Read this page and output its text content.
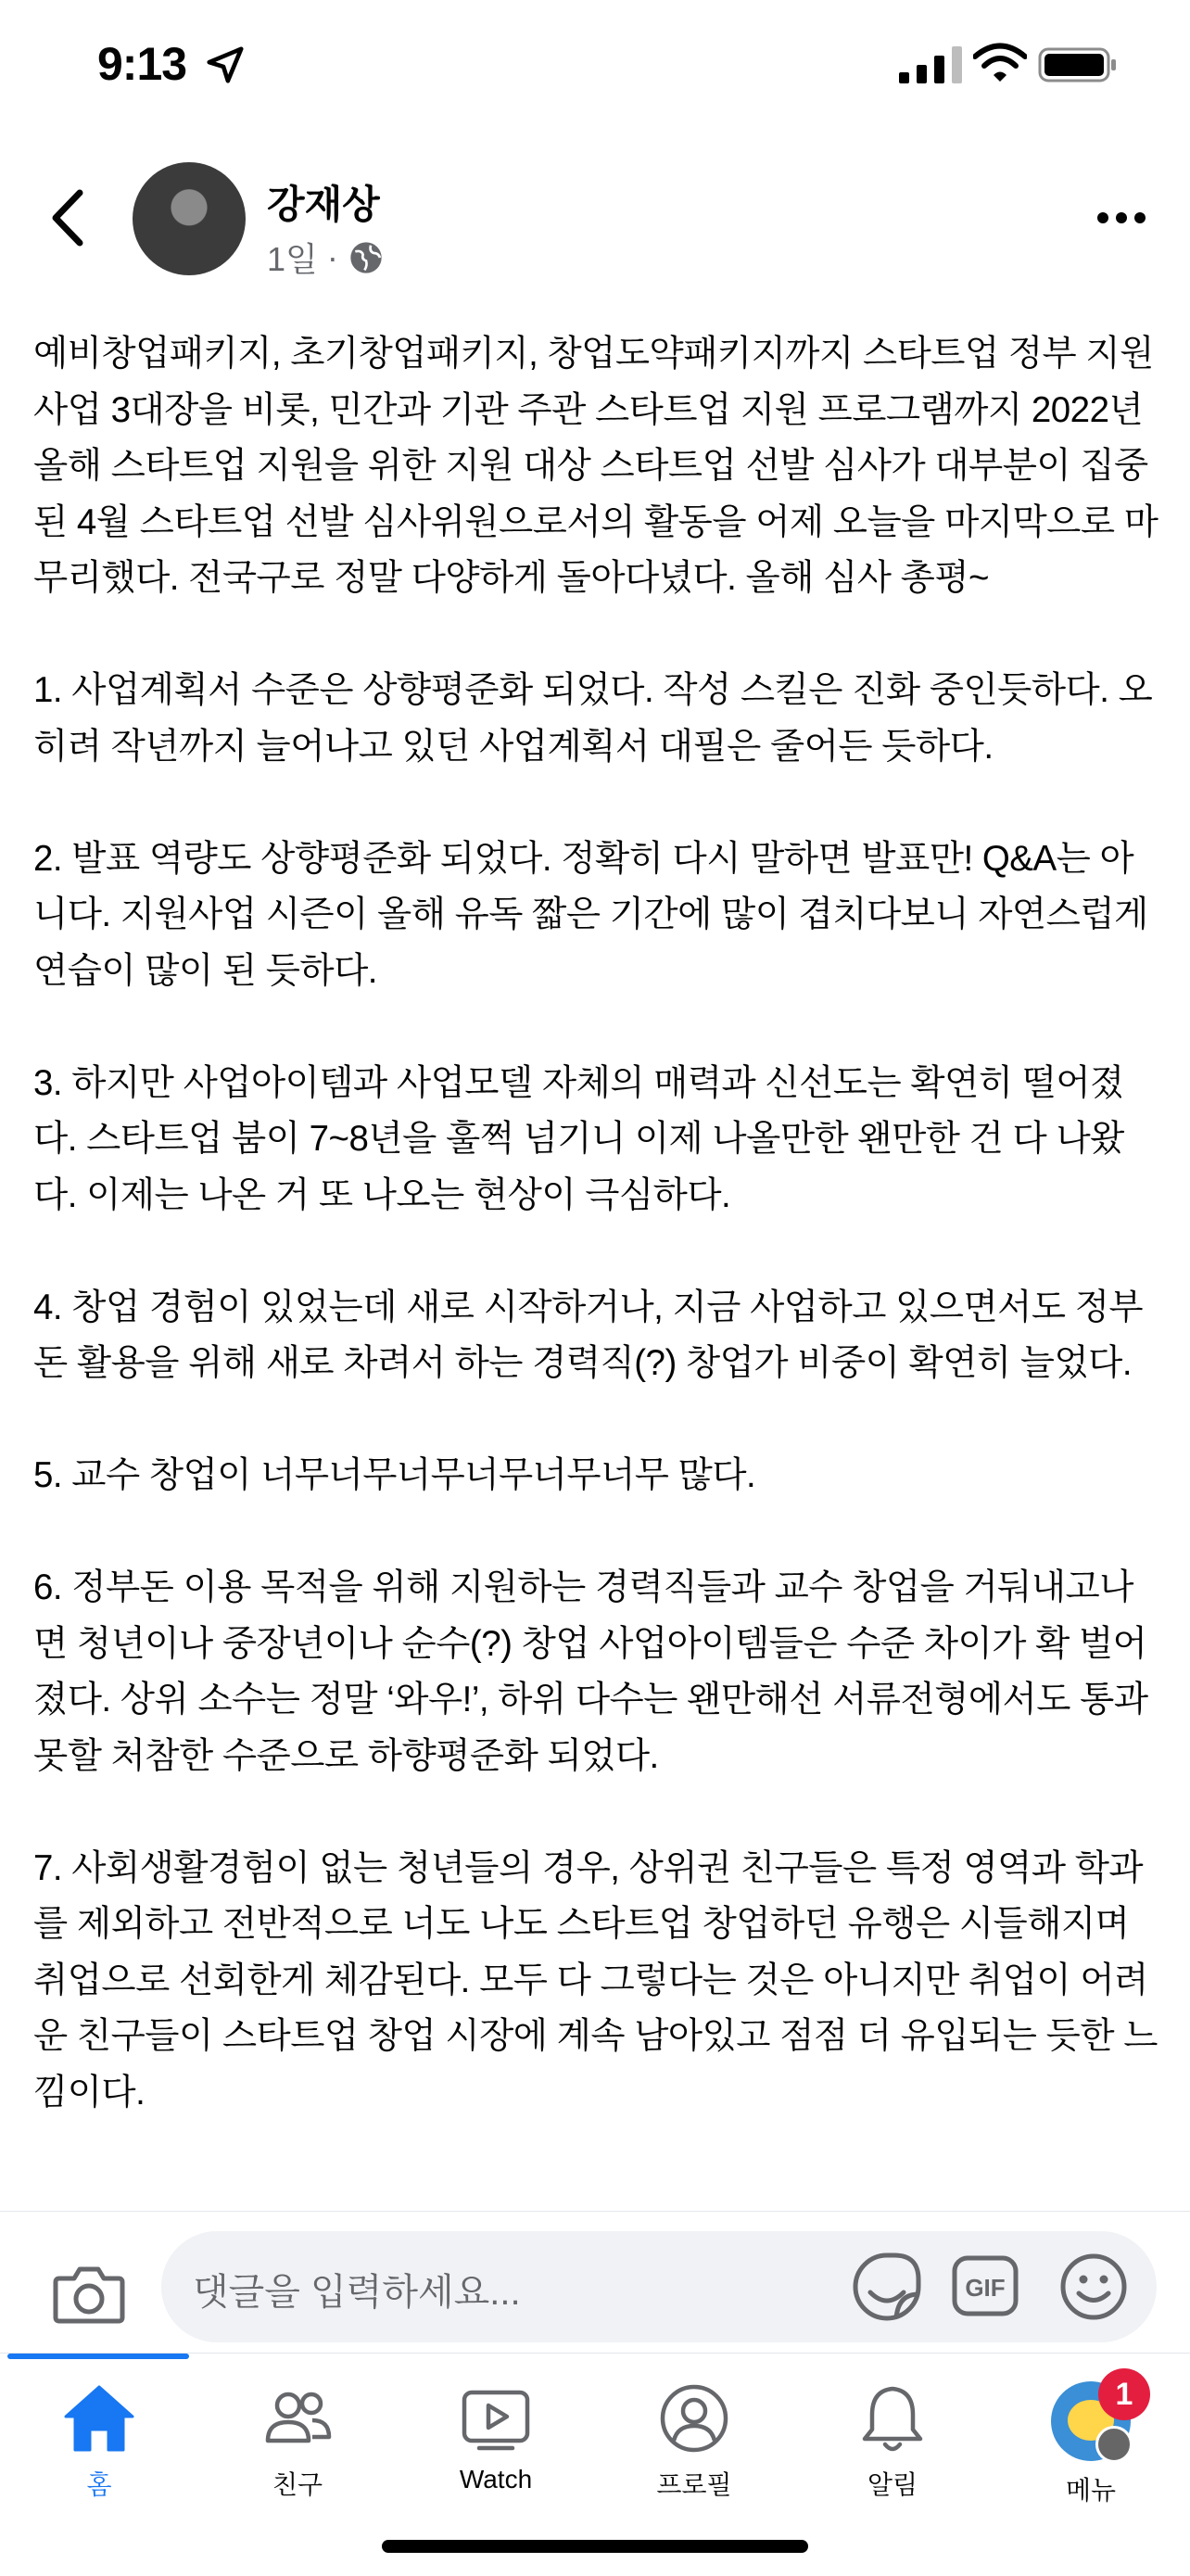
9:13
강재상
1일 ·
예비창업패키지, 초기창업패키지, 창업도약패키지까지 스타트업 정부 지원사업 3대장을 비롯, 민간과 기관 주관 스타트업 지원 프로그램까지 2022년 올해 스타트업 지원을 위한 지원 대상 스타트업 선발 심사가 대부분이 집중된 4월 스타트업 선발 심사위원으로서의 활동을 어제 오늘을 마지막으로 마무리했다. 전국구로 정말 다양하게 돌아다녔다. 올해 심사 총평~

1. 사업계획서 수준은 상향평준화 되었다. 작성 스킬은 진화 중인듯하다. 오히려 작년까지 늘어나고 있던 사업계획서 대필은 줄어든 듯하다.

2. 발표 역량도 상향평준화 되었다. 정확히 다시 말하면 발표만! Q&A는 아니다. 지원사업 시즌이 올해 유독 짧은 기간에 많이 겹치다보니 자연스럽게 연습이 많이 된 듯하다.

3. 하지만 사업아이템과 사업모델 자체의 매력과 신선도는 확연히 떨어졌다. 스타트업 붐이 7~8년을 훌쩍 넘기니 이제 나올만한 왠만한 건 다 나왔다. 이제는 나온 거 또 나오는 현상이 극심하다.

4. 창업 경험이 있었는데 새로 시작하거나, 지금 사업하고 있으면서도 정부돈 활용을 위해 새로 차려서 하는 경력직(?) 창업가 비중이 확연히 늘었다.

5. 교수 창업이 너무너무너무너무너무너무 많다.

6. 정부돈 이용 목적을 위해 지원하는 경력직들과 교수 창업을 거둬내고나면 청년이나 중장년이나 순수(?) 창업 사업아이템들은 수준 차이가 확 벌어졌다. 상위 소수는 정말 ‘와우!’, 하위 다수는 왠만해선 서류전형에서도 통과 못할 처참한 수준으로 하향평준화 되었다.

7. 사회생활경험이 없는 청년들의 경우, 상위권 친구들은 특정 영역과 학과를 제외하고 전반적으로 너도 나도 스타트업 창업하던 유행은 시들해지며 취업으로 선회한게 체감된다. 모두 다 그렇다는 것은 아니지만 취업이 어려운 친구들이 스타트업 창업 시장에 계속 남아있고 점점 더 유입되는 듯한 느낌이다.
댓글을 입력하세요...	GIF
홈	친구	Watch	프로필	알림	메뉴
1
